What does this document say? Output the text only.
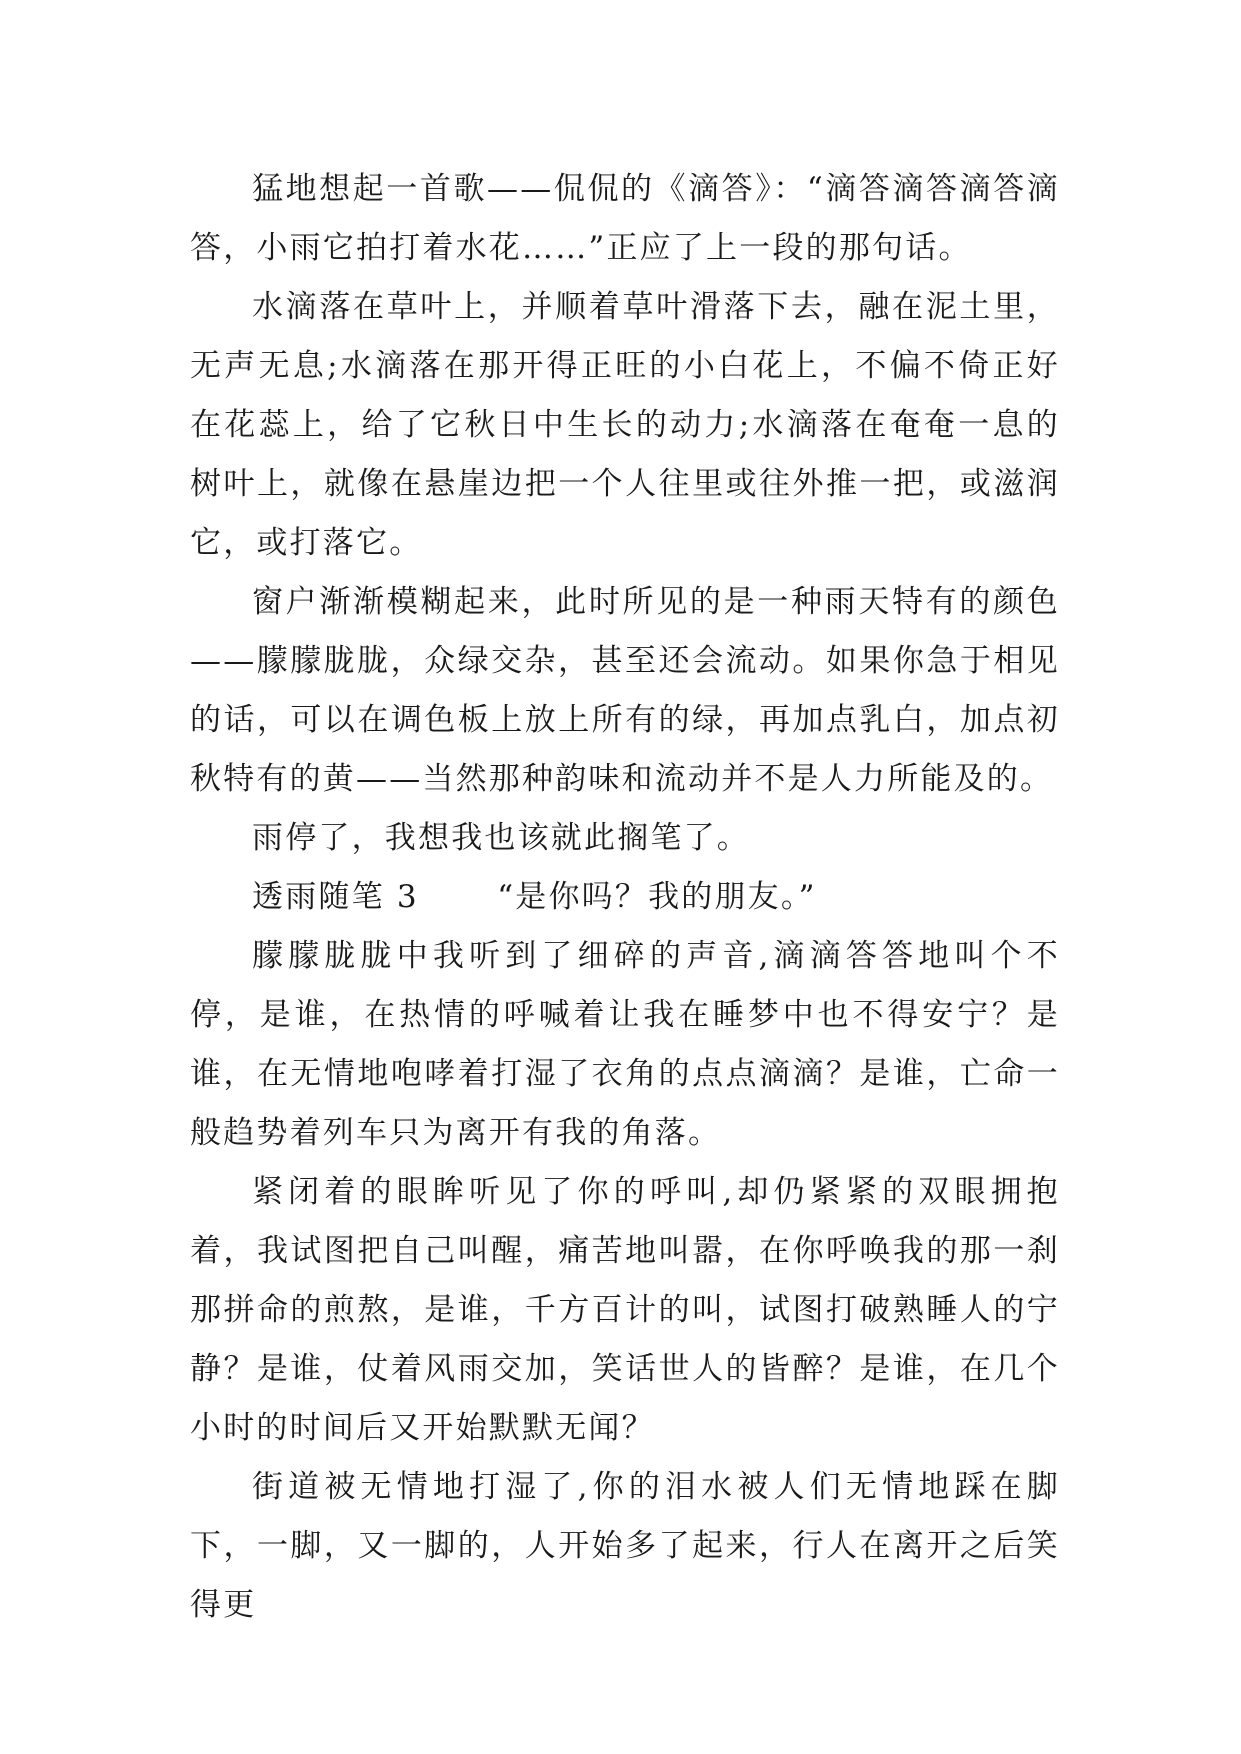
猛地想起一首歌——侃侃的《滴答》：“滴答滴答滴答滴答，小雨它拍打着水花……”正应了上一段的那句话。

水滴落在草叶上，并顺着草叶滑落下去，融在泥土里，无声无息;水滴落在那开得正旺的小白花上，不偏不倚正好在花蕊上，给了它秋日中生长的动力;水滴落在奄奄一息的树叶上，就像在悬崖边把一个人往里或往外推一把，或滋润它，或打落它。

窗户渐渐模糊起来，此时所见的是一种雨天特有的颜色——朦朦胧胧，众绿交杂，甚至还会流动。如果你急于相见的话，可以在调色板上放上所有的绿，再加点乳白，加点初秋特有的黄——当然那种韵味和流动并不是人力所能及的。

雨停了，我想我也该就此搁笔了。

透雨随笔 3　　 “是你吗？我的朋友。”

朦朦胧胧中我听到了细碎的声音,滴滴答答地叫个不停，是谁，在热情的呼喊着让我在睡梦中也不得安宁？是谁，在无情地咆哮着打湿了衣角的点点滴滴？是谁，亡命一般趋势着列车只为离开有我的角落。

紧闭着的眼眸听见了你的呼叫,却仍紧紧的双眼拥抱着，我试图把自己叫醒，痛苦地叫嚣，在你呼唤我的那一刹那拼命的煎熬，是谁，千方百计的叫，试图打破熟睡人的宁静？是谁，仗着风雨交加，笑话世人的皆醉？是谁，在几个小时的时间后又开始默默无闻？

街道被无情地打湿了,你的泪水被人们无情地踩在脚下，一脚，又一脚的，人开始多了起来，行人在离开之后笑得更
